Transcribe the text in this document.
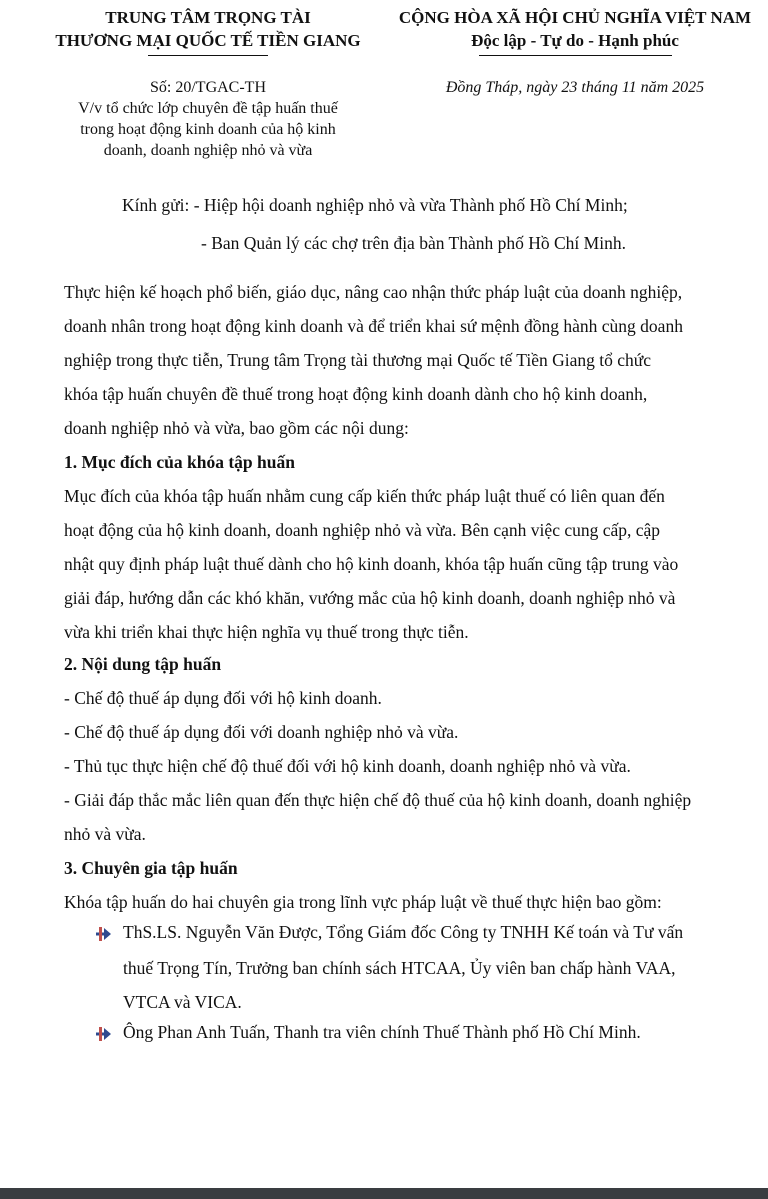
TRUNG TÂM TRỌNG TÀI
THƯƠNG MẠI QUỐC TẾ TIỀN GIANG
CỘNG HÒA XÃ HỘI CHỦ NGHĨA VIỆT NAM
Độc lập - Tự do - Hạnh phúc
Số: 20/TGAC-TH
V/v tổ chức lớp chuyên đề tập huấn thuế
trong hoạt động kinh doanh của hộ kinh
doanh, doanh nghiệp nhỏ và vừa
Đồng Tháp, ngày 23 tháng 11 năm 2025
Kính gửi: - Hiệp hội doanh nghiệp nhỏ và vừa Thành phố Hồ Chí Minh;
- Ban Quản lý các chợ trên địa bàn Thành phố Hồ Chí Minh.
Thực hiện kế hoạch phổ biến, giáo dục, nâng cao nhận thức pháp luật của doanh nghiệp,
doanh nhân trong hoạt động kinh doanh và để triển khai sứ mệnh đồng hành cùng doanh
nghiệp trong thực tiễn, Trung tâm Trọng tài thương mại Quốc tế Tiền Giang tổ chức
khóa tập huấn chuyên đề thuế trong hoạt động kinh doanh dành cho hộ kinh doanh,
doanh nghiệp nhỏ và vừa, bao gồm các nội dung:
1. Mục đích của khóa tập huấn
Mục đích của khóa tập huấn nhằm cung cấp kiến thức pháp luật thuế có liên quan đến
hoạt động của hộ kinh doanh, doanh nghiệp nhỏ và vừa. Bên cạnh việc cung cấp, cập
nhật quy định pháp luật thuế dành cho hộ kinh doanh, khóa tập huấn cũng tập trung vào
giải đáp, hướng dẫn các khó khăn, vướng mắc của hộ kinh doanh, doanh nghiệp nhỏ và
vừa khi triển khai thực hiện nghĩa vụ thuế trong thực tiễn.
2. Nội dung tập huấn
- Chế độ thuế áp dụng đối với hộ kinh doanh.
- Chế độ thuế áp dụng đối với doanh nghiệp nhỏ và vừa.
- Thủ tục thực hiện chế độ thuế đối với hộ kinh doanh, doanh nghiệp nhỏ và vừa.
- Giải đáp thắc mắc liên quan đến thực hiện chế độ thuế của hộ kinh doanh, doanh nghiệp
nhỏ và vừa.
3. Chuyên gia tập huấn
Khóa tập huấn do hai chuyên gia trong lĩnh vực pháp luật về thuế thực hiện bao gồm:
ThS.LS. Nguyễn Văn Được, Tổng Giám đốc Công ty TNHH Kế toán và Tư vấn
thuế Trọng Tín, Trưởng ban chính sách HTCAA, Ủy viên ban chấp hành VAA,
VTCA và VICA.
Ông Phan Anh Tuấn, Thanh tra viên chính Thuế Thành phố Hồ Chí Minh.
